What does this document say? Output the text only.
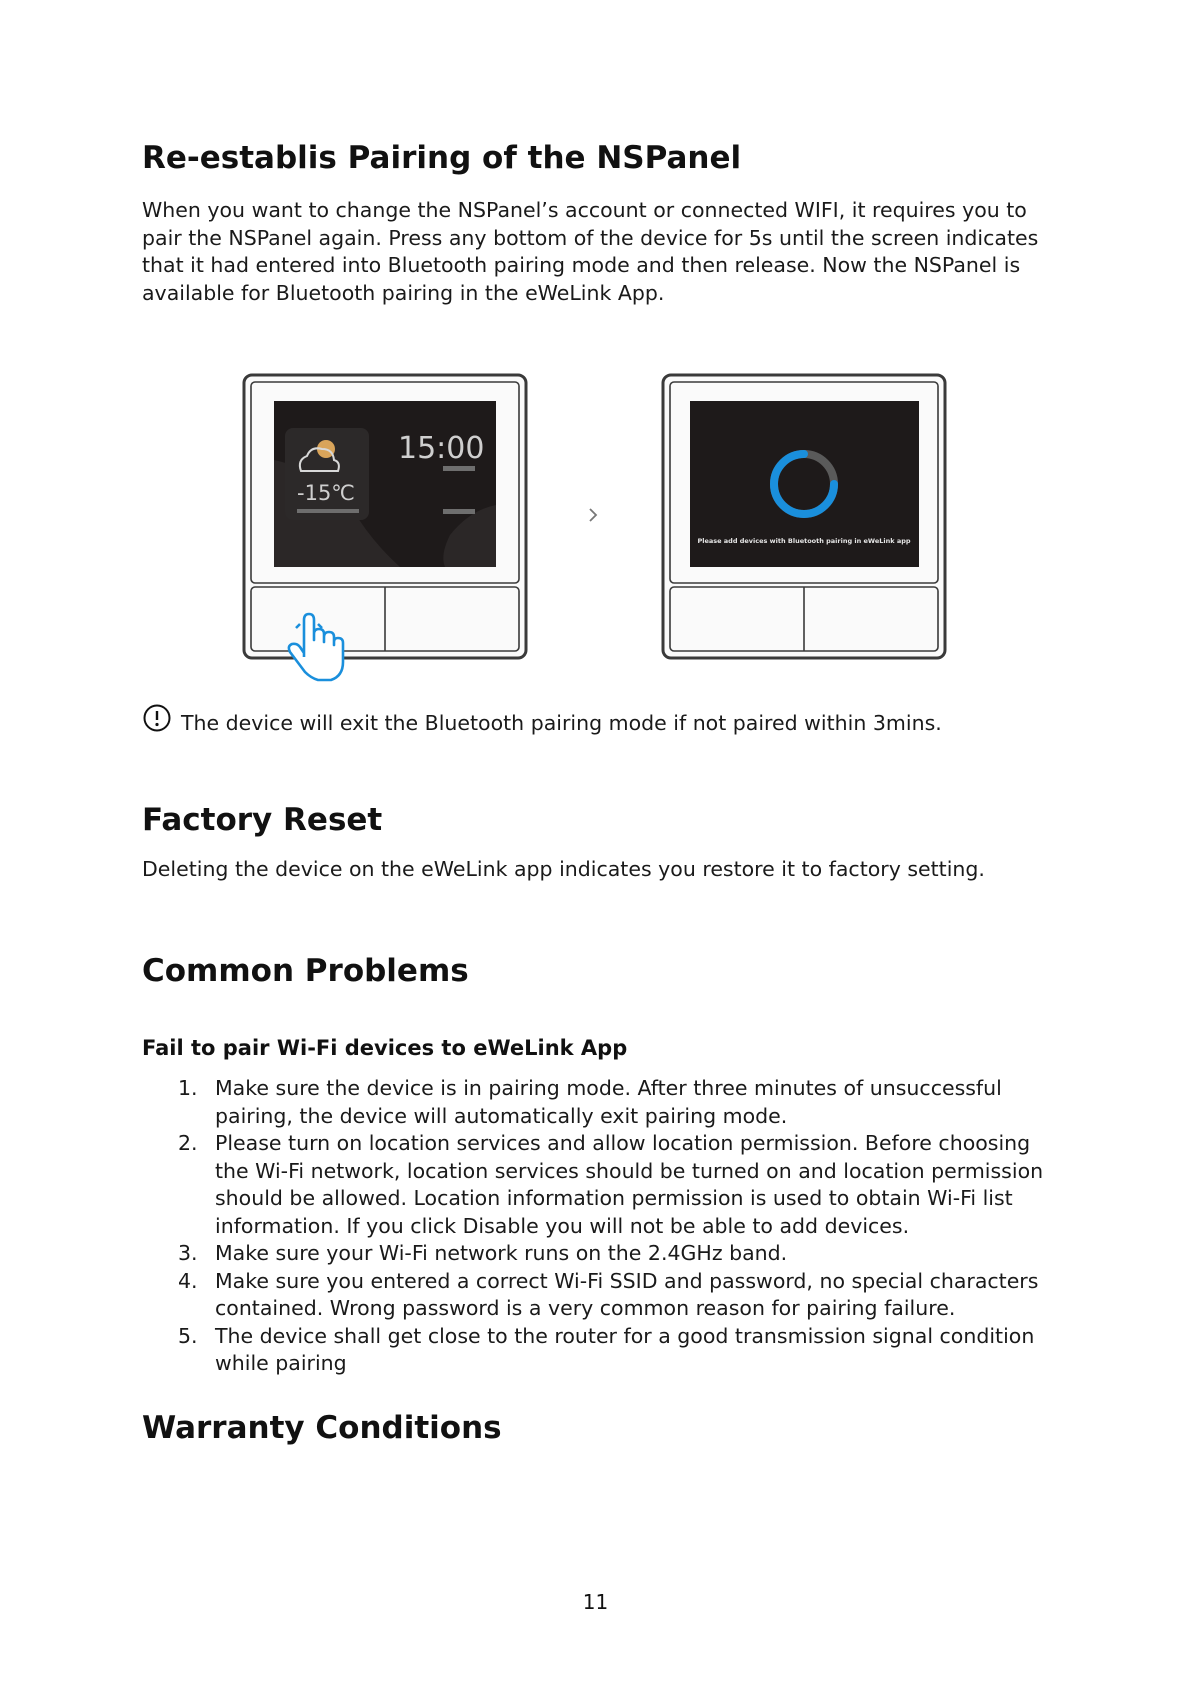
Re-establis Pairing of the NSPanel

When you want to change the NSPanel’s account or connected WIFI, it requires you to pair the NSPanel again. Press any bottom of the device for 5s until the screen indicates that it had entered into Bluetooth pairing mode and then release. Now the NSPanel is available for Bluetooth pairing in the eWeLink App.

Factory Reset

Deleting the device on the eWeLink app indicates you restore it to factory setting.

Common Problems

Fail to pair Wi-Fi devices to eWeLink App

1. Make sure the device is in pairing mode. After three minutes of unsuccessful pairing, the device will automatically exit pairing mode.
2. Please turn on location services and allow location permission. Before choosing the Wi-Fi network, location services should be turned on and location permission should be allowed. Location information permission is used to obtain Wi-Fi list information. If you click Disable you will not be able to add devices.
3. Make sure your Wi-Fi network runs on the 2.4GHz band.
4. Make sure you entered a correct Wi-Fi SSID and password, no special characters contained. Wrong password is a very common reason for pairing failure.
5. The device shall get close to the router for a good transmission signal condition while pairing
Warranty Conditions
-15℃
15:00
Please add devices with Bluetooth pairing in eWeLink app
The device will exit the Bluetooth pairing mode if not paired within 3mins.
11
